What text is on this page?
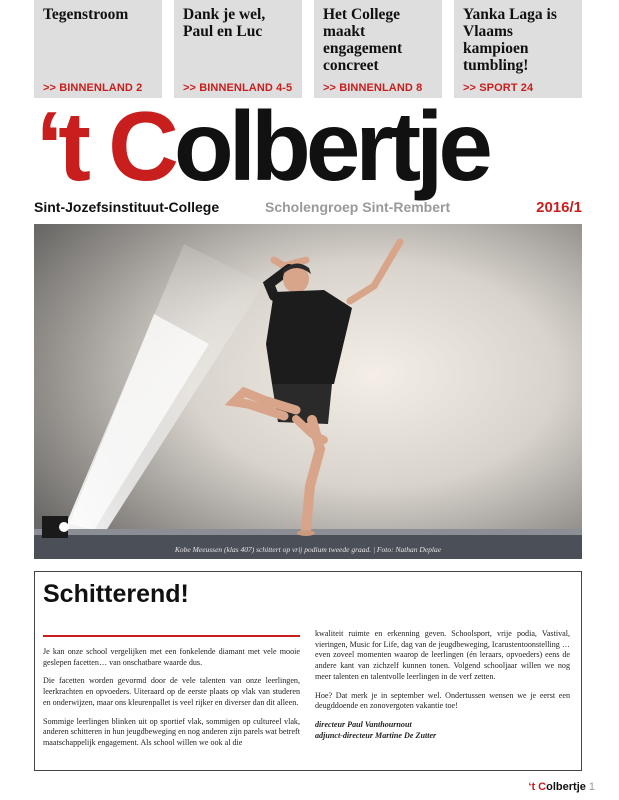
Tegenstroom
>> BINNENLAND 2
Dank je wel, Paul en Luc
>> BINNENLAND 4-5
Het College maakt engagement concreet
>> BINNENLAND 8
Yanka Laga is Vlaams kampioen tumbling!
>> SPORT 24
‘t Colbertje
Sint-Jozefsinstituut-College	Scholengroep Sint-Rembert	2016/1
Kobe Meeussen (klas 407) schittert op vrij podium tweede graad. | Foto: Nathan Deplae
Schitterend!

Je kan onze school vergelijken met een fonkelende diamant met vele mooie geslepen facetten… van onschatbare waarde dus.

Die facetten worden gevormd door de vele talenten van onze leerlingen, leerkrachten en opvoeders. Uiteraard op de eerste plaats op vlak van studeren en onderwijzen, maar ons kleurenpallet is veel rijker en diverser dan dit alleen.

Sommige leerlingen blinken uit op sportief vlak, sommigen op cultureel vlak, anderen schitteren in hun jeugdbeweging en nog anderen zijn parels wat betreft maatschappelijk engagement. Als school willen we ook al die

kwaliteit ruimte en erkenning geven. Schoolsport, vrije podia, Vastival, vieringen, Music for Life, dag van de jeugdbeweging, Icarustentoonstelling … even zoveel momenten waarop de leerlingen (én leraars, opvoeders) eens de andere kant van zichzelf kunnen tonen. Volgend schooljaar willen we nog meer talenten en talentvolle leerlingen in de verf zetten.

Hoe? Dat merk je in september wel. Ondertussen wensen we je eerst een deugddoende en zonovergoten vakantie toe!

directeur Paul Vanthournout
adjunct-directeur Martine De Zutter
‘t Colbertje 1
